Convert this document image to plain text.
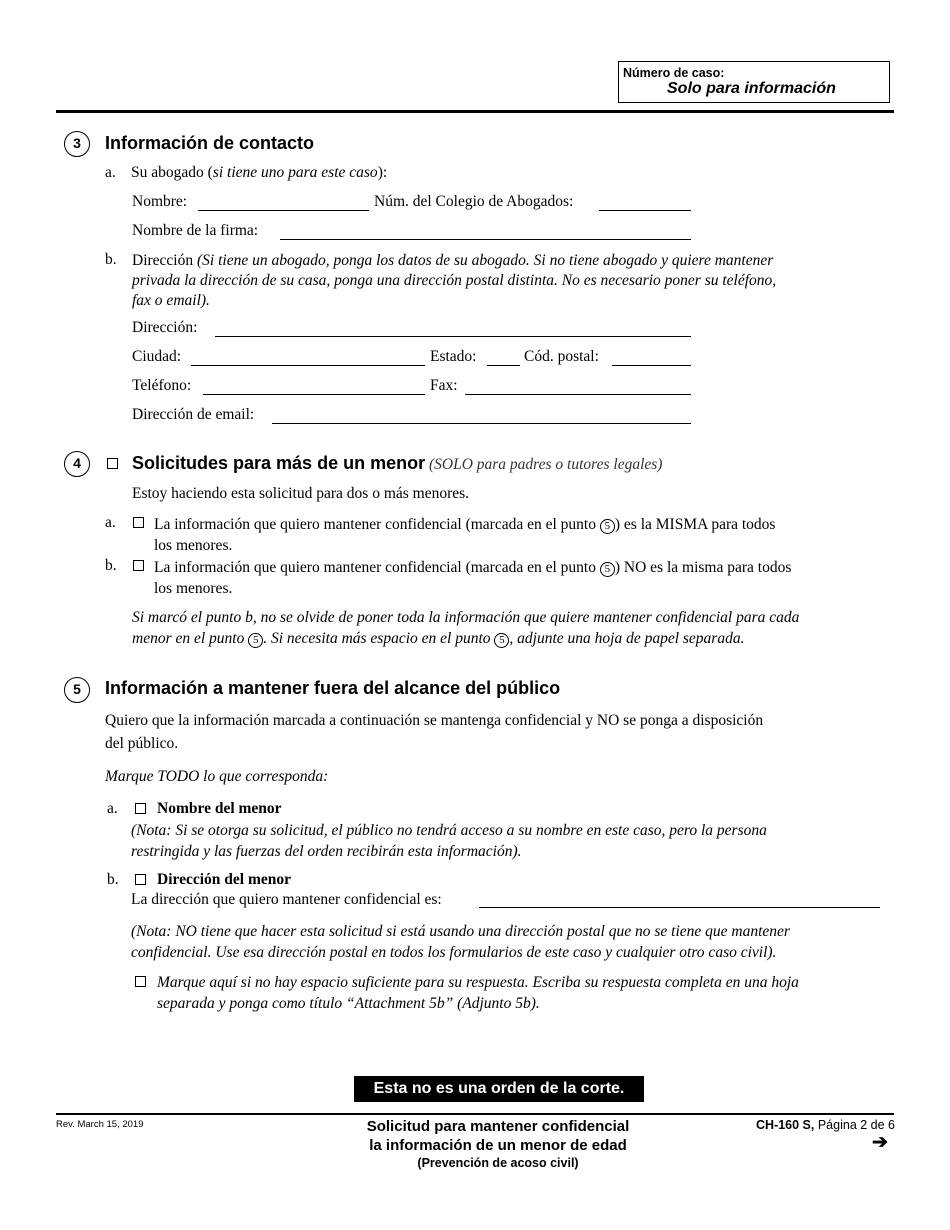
Número de caso:
Solo para información
3	Información de contacto
a. Su abogado (si tiene uno para este caso):
Nombre:	Núm. del Colegio de Abogados:
Nombre de la firma:
b. Dirección (Si tiene un abogado, ponga los datos de su abogado. Si no tiene abogado y quiere mantener
privada la dirección de su casa, ponga una dirección postal distinta. No es necesario poner su teléfono,
fax o email).
Dirección:
Ciudad:	Estado:	Cód. postal:
Teléfono:	Fax:
Dirección de email:
4	Solicitudes para más de un menor (SOLO para padres o tutores legales)
Estoy haciendo esta solicitud para dos o más menores.
a. La información que quiero mantener confidencial (marcada en el punto 5 ) es la MISMA para todos
los menores.
b. La información que quiero mantener confidencial (marcada en el punto 5 ) NO es la misma para todos
los menores.
Si marcó el punto b, no se olvide de poner toda la información que quiere mantener confidencial para cada
menor en el punto 5 . Si necesita más espacio en el punto 5 , adjunte una hoja de papel separada.
5	Información a mantener fuera del alcance del público
Quiero que la información marcada a continuación se mantenga confidencial y NO se ponga a disposición
del público.
Marque TODO lo que corresponda:
a.	Nombre del menor
(Nota: Si se otorga su solicitud, el público no tendrá acceso a su nombre en este caso, pero la persona
restringida y las fuerzas del orden recibirán esta información).
b. Dirección del menor
La dirección que quiero mantener confidencial es:
(Nota: NO tiene que hacer esta solicitud si está usando una dirección postal que no se tiene que mantener
confidencial. Use esa dirección postal en todos los formularios de este caso y cualquier otro caso civil).
Marque aquí si no hay espacio suficiente para su respuesta. Escriba su respuesta completa en una hoja
separada y ponga como título “Attachment 5b” (Adjunto 5b).
Esta no es una orden de la corte.
Rev. March 15, 2019	Solicitud para mantener confidencial
la información de un menor de edad
(Prevención de acoso civil)
CH-160 S, Página 2 de 6
➔
